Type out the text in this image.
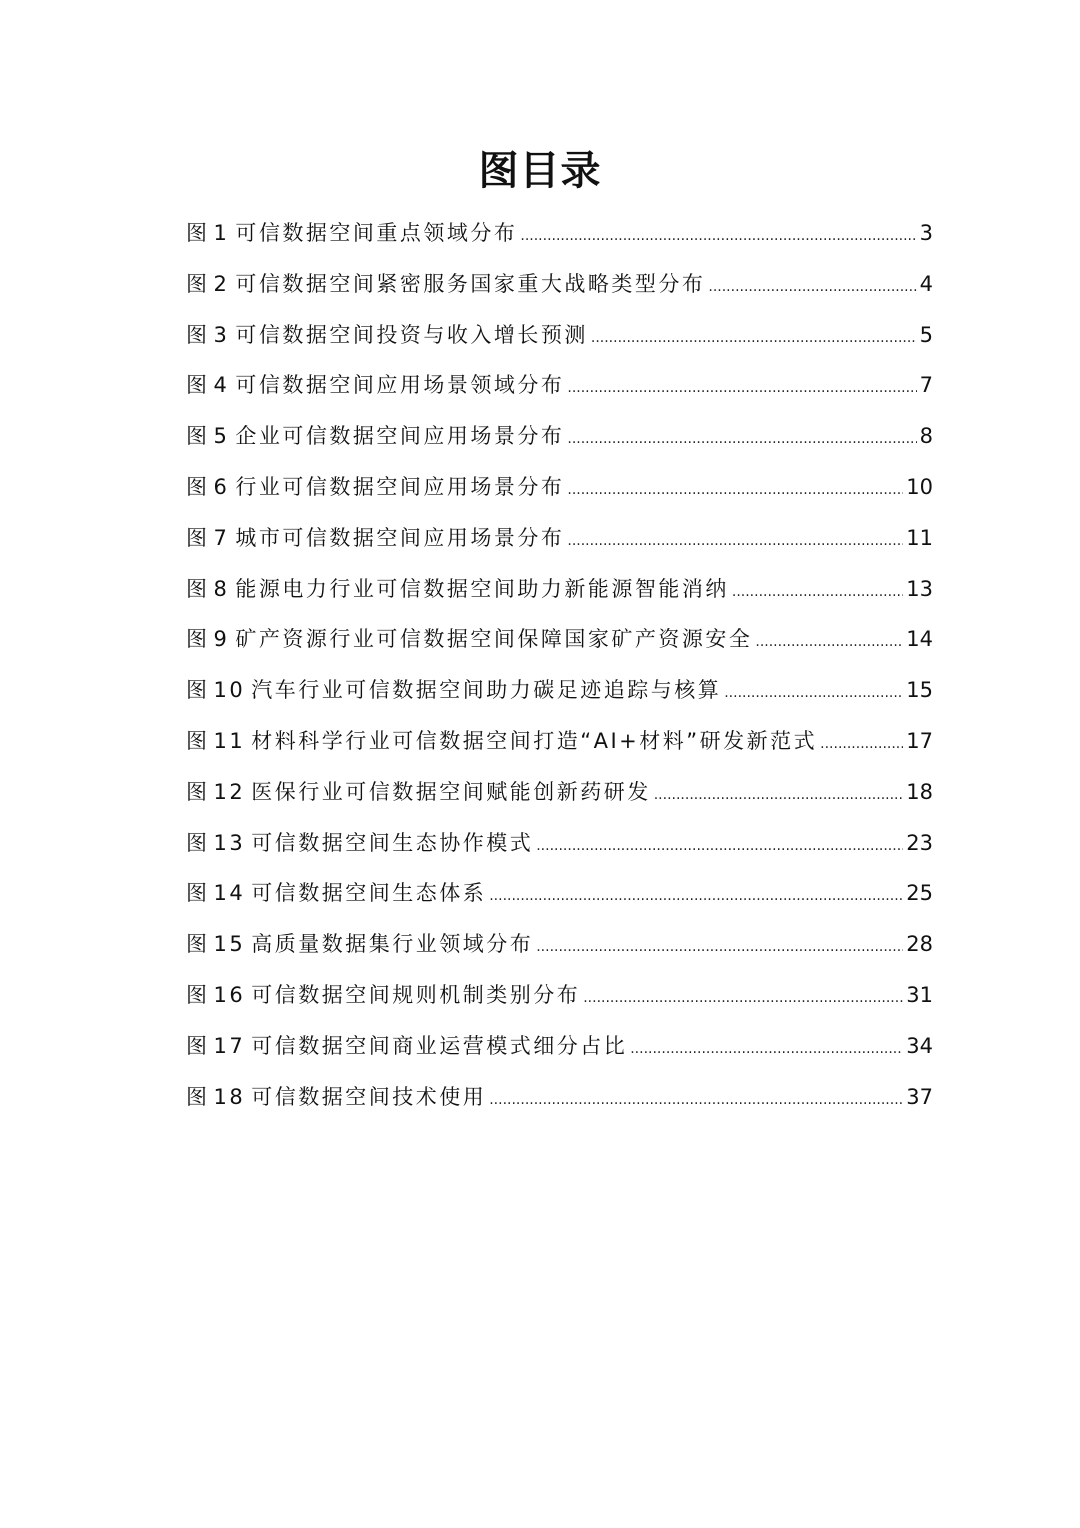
图目录
图 1 可信数据空间重点领域分布 .....	3
图 2 可信数据空间紧密服务国家重大战略类型分布 .....	4
图 3 可信数据空间投资与收入增长预测 .....	5
图 4 可信数据空间应用场景领域分布 .....	7
图 5 企业可信数据空间应用场景分布 .....	8
图 6 行业可信数据空间应用场景分布 .....	10
图 7 城市可信数据空间应用场景分布 .....	11
图 8 能源电力行业可信数据空间助力新能源智能消纳 .....	13
图 9 矿产资源行业可信数据空间保障国家矿产资源安全 .....	14
图 10 汽车行业可信数据空间助力碳足迹追踪与核算 .....	15
图 11 材料科学行业可信数据空间打造“AI+材料”研发新范式 .....	17
图 12 医保行业可信数据空间赋能创新药研发 .....	18
图 13 可信数据空间生态协作模式 .....	23
图 14 可信数据空间生态体系 .....	25
图 15 高质量数据集行业领域分布 .....	28
图 16 可信数据空间规则机制类别分布 .....	31
图 17 可信数据空间商业运营模式细分占比 .....	34
图 18 可信数据空间技术使用 .....	37
